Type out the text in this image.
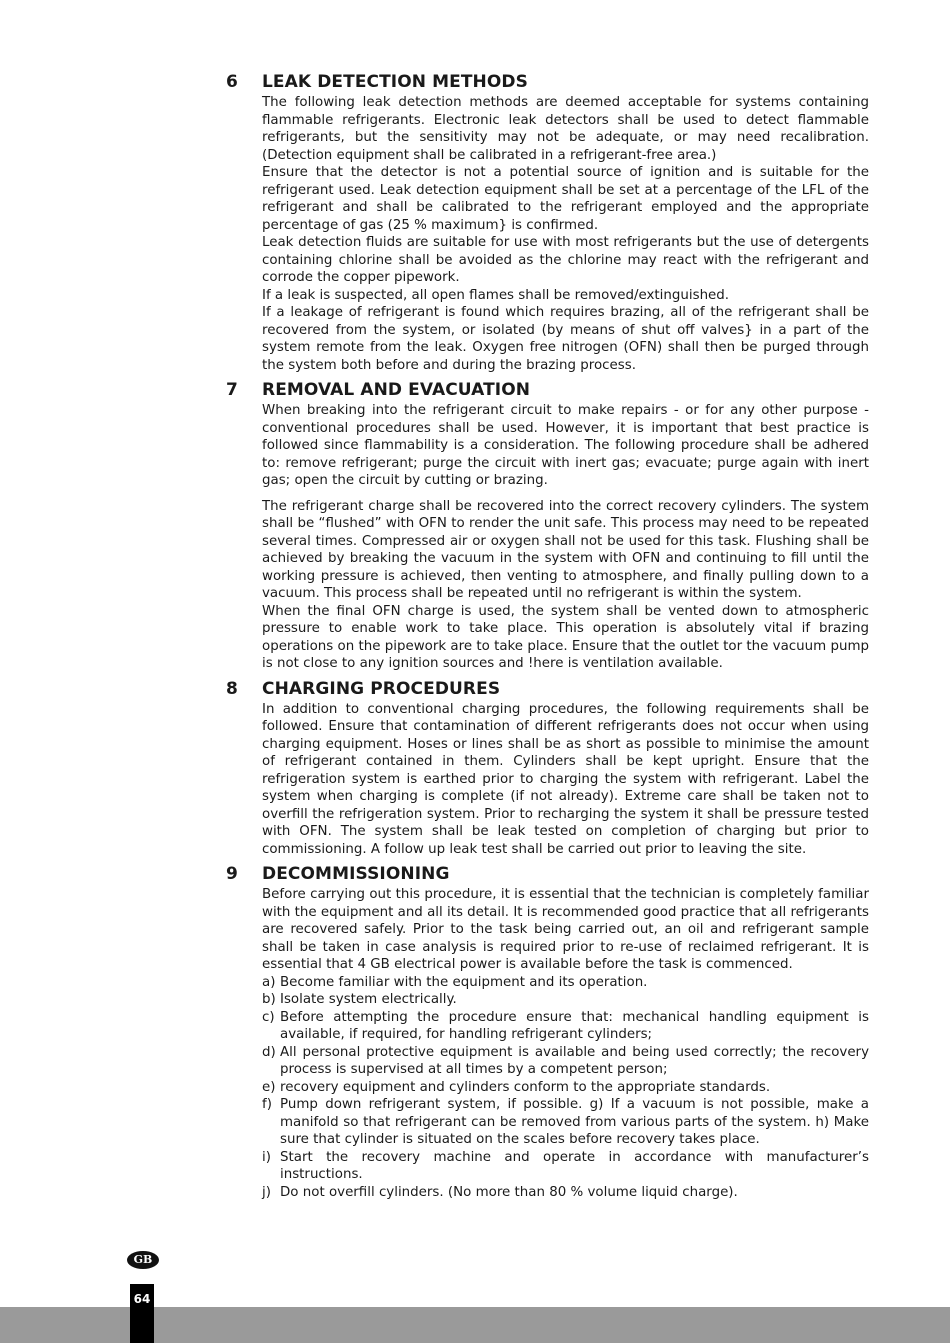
6	LEAK DETECTION METHODS

The following leak detection methods are deemed acceptable for systems containing flammable refrigerants. Electronic leak detectors shall be used to detect flammable refrigerants, but the sensitivity may not be adequate, or may need recalibration. (Detection equipment shall be calibrated in a refrigerant-free area.)

Ensure that the detector is not a potential source of ignition and is suitable for the refrigerant used. Leak detection equipment shall be set at a percentage of the LFL of the refrigerant and shall be calibrated to the refrigerant employed and the appropriate percentage of gas (25 % maximum} is confirmed.

Leak detection fluids are suitable for use with most refrigerants but the use of detergents containing chlorine shall be avoided as the chlorine may react with the refrigerant and corrode the copper pipework.

If a leak is suspected, all open flames shall be removed/extinguished.

If a leakage of refrigerant is found which requires brazing, all of the refrigerant shall be recovered from the system, or isolated (by means of shut off valves} in a part of the system remote from the leak. Oxygen free nitrogen (OFN) shall then be purged through the system both before and during the brazing process.

7	REMOVAL AND EVACUATION

When breaking into the refrigerant circuit to make repairs - or for any other purpose - conventional procedures shall be used. However, it is important that best practice is followed since flammability is a consideration. The following procedure shall be adhered to: remove refrigerant; purge the circuit with inert gas; evacuate; purge again with inert gas; open the circuit by cutting or brazing.

The refrigerant charge shall be recovered into the correct recovery cylinders. The system shall be “flushed” with OFN to render the unit safe. This process may need to be repeated several times. Compressed air or oxygen shall not be used for this task. Flushing shall be achieved by breaking the vacuum in the system with OFN and continuing to fill until the working pressure is achieved, then venting to atmosphere, and finally pulling down to a vacuum. This process shall be repeated until no refrigerant is within the system.

When the final OFN charge is used, the system shall be vented down to atmospheric pressure to enable work to take place. This operation is absolutely vital if brazing operations on the pipework are to take place. Ensure that the outlet tor the vacuum pump is not close to any ignition sources and !here is ventilation available.

8	CHARGING PROCEDURES

In addition to conventional charging procedures, the following requirements shall be followed. Ensure that contamination of different refrigerants does not occur when using charging equipment. Hoses or lines shall be as short as possible to minimise the amount of refrigerant contained in them. Cylinders shall be kept upright. Ensure that the refrigeration system is earthed prior to charging the system with refrigerant. Label the system when charging is complete (if not already). Extreme care shall be taken not to overfill the refrigeration system. Prior to recharging the system it shall be pressure tested with OFN. The system shall be leak tested on completion of charging but prior to commissioning. A follow up leak test shall be carried out prior to leaving the site.

9	DECOMMISSIONING

Before carrying out this procedure, it is essential that the technician is completely familiar with the equipment and all its detail. It is recommended good practice that all refrigerants are recovered safely. Prior to the task being carried out, an oil and refrigerant sample shall be taken in case analysis is required prior to re-use of reclaimed refrigerant. It is essential that 4 GB electrical power is available before the task is commenced.

a) Become familiar with the equipment and its operation.
b) Isolate system electrically.
c) Before attempting the procedure ensure that: mechanical handling equipment is available, if required, for handling refrigerant cylinders;
d) All personal protective equipment is available and being used correctly; the recovery process is supervised at all times by a competent person;
e) recovery equipment and cylinders conform to the appropriate standards.
f) Pump down refrigerant system, if possible. g) If a vacuum is not possible, make a manifold so that refrigerant can be removed from various parts of the system. h) Make sure that cylinder is situated on the scales before recovery takes place.
i) Start the recovery machine and operate in accordance with manufacturer’s instructions.
j) Do not overfill cylinders. (No more than 80 % volume liquid charge).
GB
64
